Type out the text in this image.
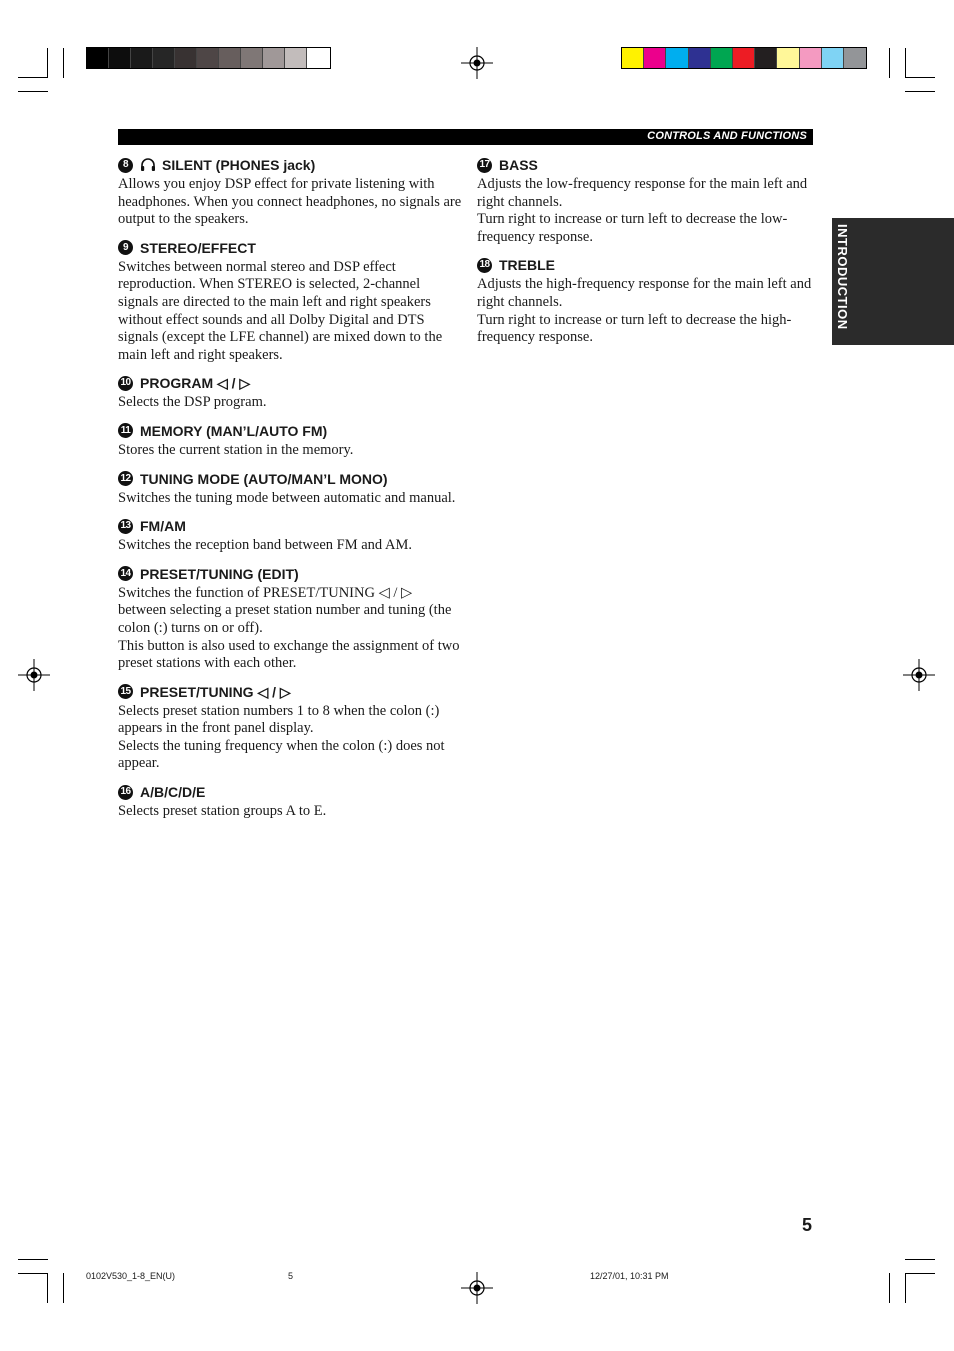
CONTROLS AND FUNCTIONS
INTRODUCTION
8	SILENT (PHONES jack)

Allows you enjoy DSP effect for private listening with headphones. When you connect headphones, no signals are output to the speakers.

9 STEREO/EFFECT

Switches between normal stereo and DSP effect reproduction. When STEREO is selected, 2-channel signals are directed to the main left and right speakers without effect sounds and all Dolby Digital and DTS signals (except the LFE channel) are mixed down to the main left and right speakers.

10 PROGRAM ◁ / ▷

Selects the DSP program.

11 MEMORY (MAN’L/AUTO FM)

Stores the current station in the memory.

12 TUNING MODE (AUTO/MAN’L MONO)

Switches the tuning mode between automatic and manual.

13 FM/AM

Switches the reception band between FM and AM.

14 PRESET/TUNING (EDIT)

Switches the function of PRESET/TUNING ◁ / ▷ between selecting a preset station number and tuning (the colon (:) turns on or off).

This button is also used to exchange the assignment of two preset stations with each other.

15 PRESET/TUNING ◁ / ▷

Selects preset station numbers 1 to 8 when the colon (:) appears in the front panel display.

Selects the tuning frequency when the colon (:) does not appear.

16 A/B/C/D/E

Selects preset station groups A to E.

17 BASS

Adjusts the low-frequency response for the main left and right channels.

Turn right to increase or turn left to decrease the low-frequency response.

18 TREBLE

Adjusts the high-frequency response for the main left and right channels.

Turn right to increase or turn left to decrease the high-frequency response.

5
0102V530_1-8_EN(U)	5	12/27/01, 10:31 PM
